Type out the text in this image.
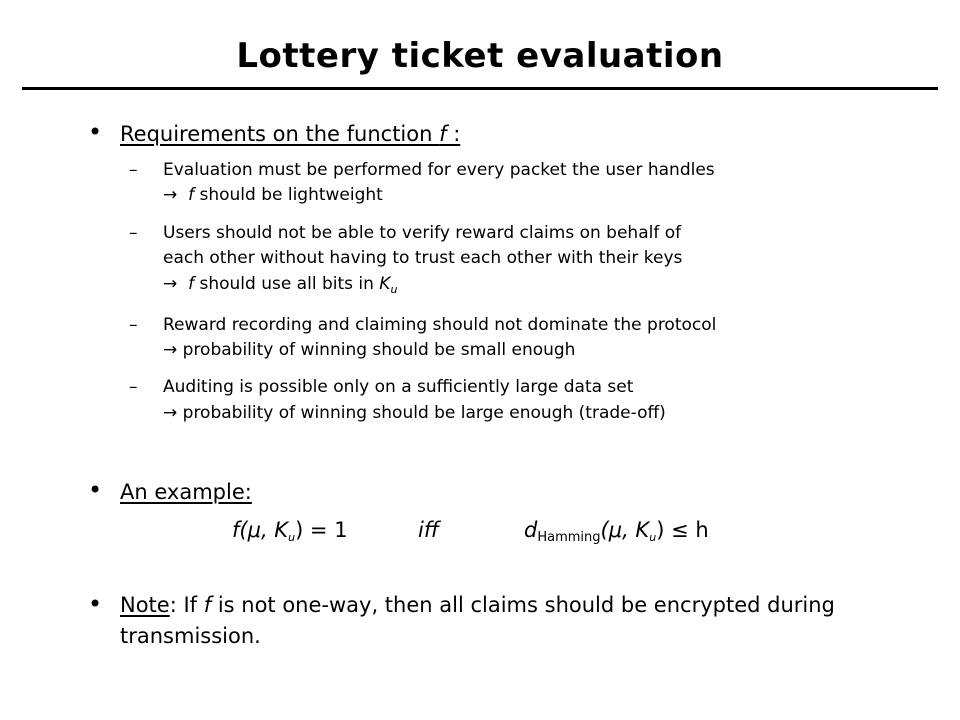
Lottery ticket evaluation
• Requirements on the function f :
– Evaluation must be performed for every packet the user handles
→ f should be lightweight
– Users should not be able to verify reward claims on behalf of
each other without having to trust each other with their keys
→ f should use all bits in $K_u$
– Reward recording and claiming should not dominate the protocol
→ probability of winning should be small enough
– Auditing is possible only on a sufficiently large data set
→ probability of winning should be large enough (trade-off)
• An example:
f(μ, Ku) = 1	iff	dHamming(μ, Ku) ≤ h
• Note: If f is not one-way, then all claims should be encrypted during transmission.
